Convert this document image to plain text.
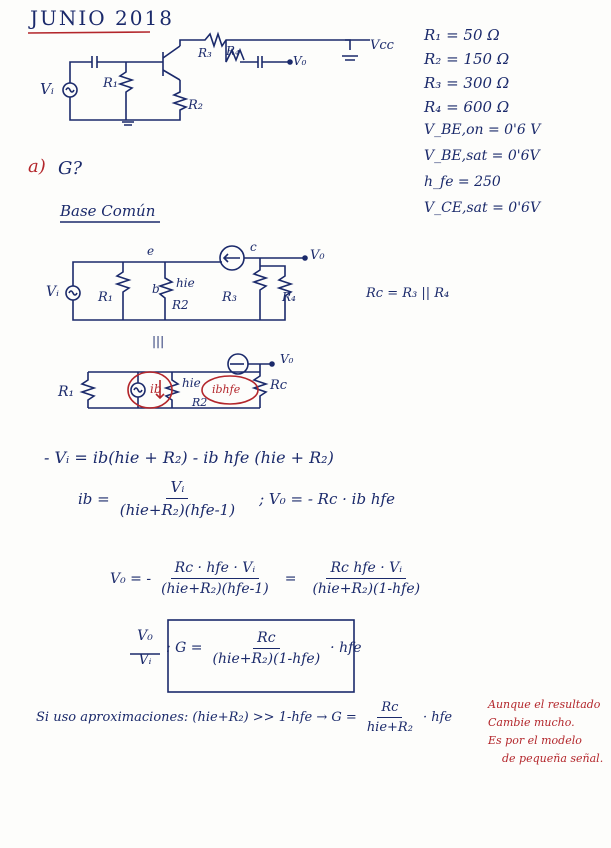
JUNIO 2018
Vᵢ	R₁
R₂
R₃ R₄
V₀
Vcc
R₁ = 50 Ω
R₂ = 150 Ω
R₃ = 300 Ω
R₄ = 600 Ω
V_BE,on = 0'6 V
V_BE,sat = 0'6V
h_fe = 250
V_CE,sat = 0'6V
a) G?
Base Común
e
b
c
Vᵢ	R₁
hie
R2	R₃	R₄
V₀
Rc = R₃ || R₄
|||
R₁	ib hie
R2
ibhfe Rc
V₀
- Vᵢ = ib(hie + R₂) - ib hfe (hie + R₂)
ib = $\frac{\text{Vᵢ}}{\text{(hie+R₂)(hfe-1)}}$ ; V₀ = - Rc · ib hfe
V₀ = - $\frac{\text{Rc · hfe · Vᵢ}}{\text{(hie+R₂)(hfe-1)}} = \frac{\text{Rc hfe · Vᵢ}}{\text{(hie+R₂)(1-hfe)}}$
V₀
Vᵢ
: $G = \frac{Rc}{\text{(hie+R₂)(1-hfe)}}$ · hfe
Si uso aproximaciones: $(hie+R_2) >> 1-hfe \to G = \frac{Rc}{\text{hie+R₂}}$ · hfe
Aunque el resultado
Cambie mucho.
Es por el modelo
de pequeña señal.
